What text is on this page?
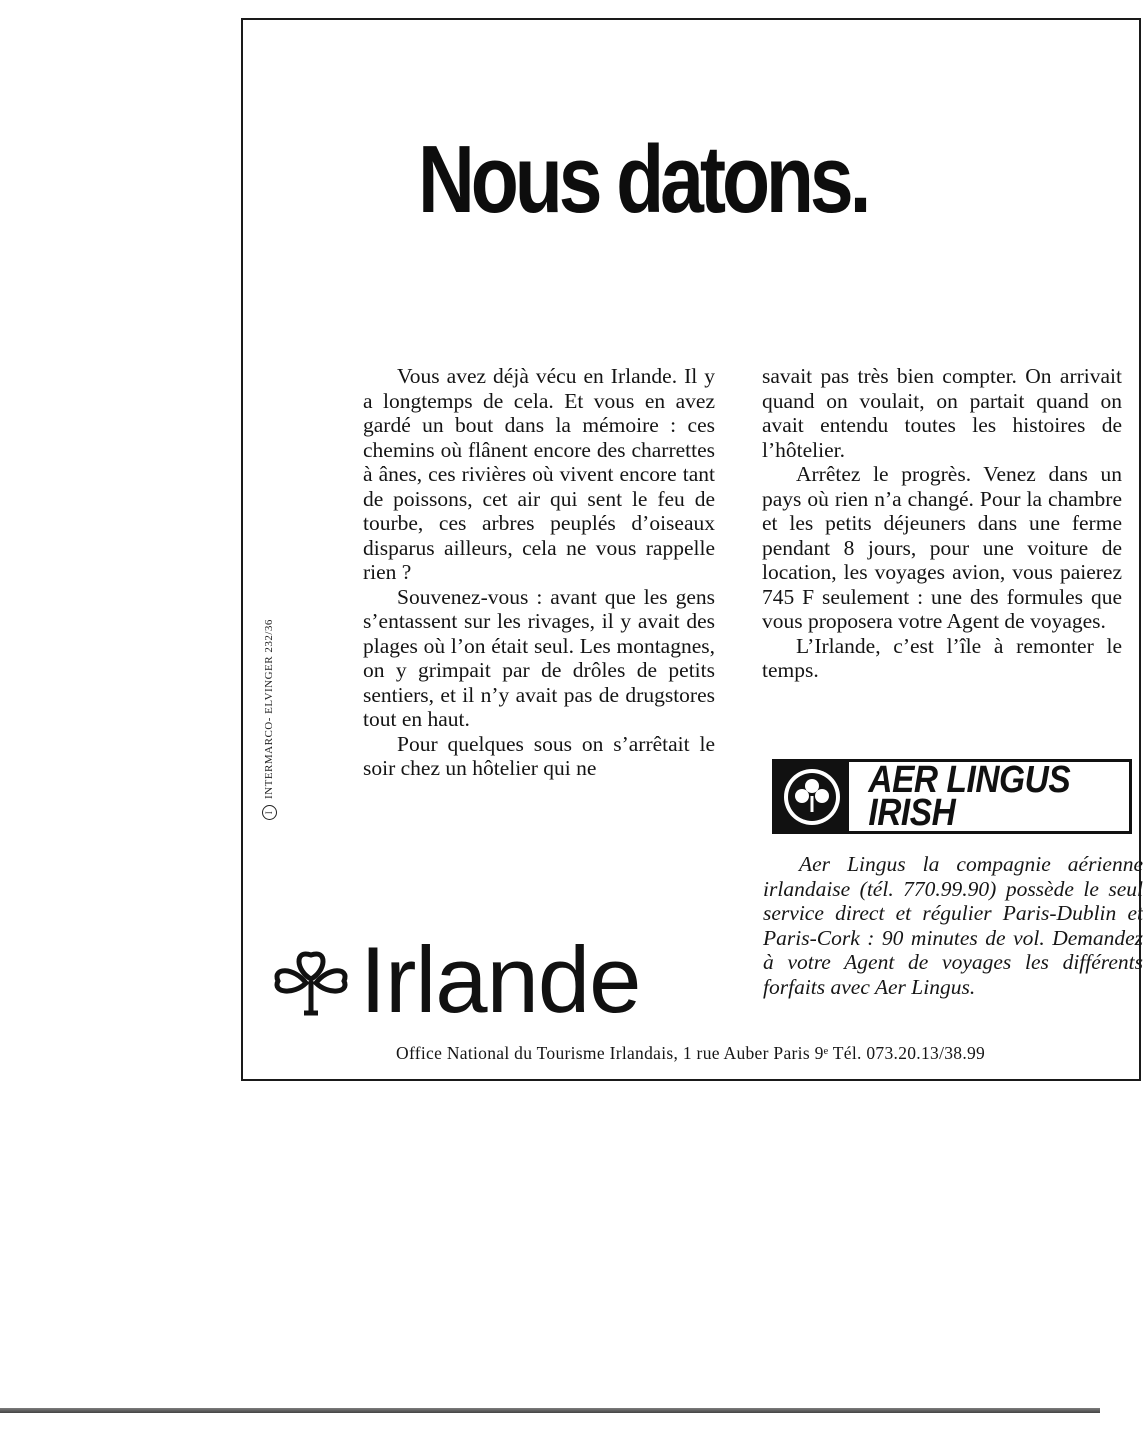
Nous datons.

Vous avez déjà vécu en Irlande. Il y a longtemps de cela. Et vous en avez gardé un bout dans la mémoire : ces chemins où flânent encore des charrettes à ânes, ces rivières où vivent encore tant de poissons, cet air qui sent le feu de tourbe, ces arbres peuplés d’oiseaux disparus ailleurs, cela ne vous rappelle rien ?

Souvenez-vous : avant que les gens s’entassent sur les rivages, il y avait des plages où l’on était seul. Les montagnes, on y grimpait par de drôles de petits sentiers, et il n’y avait pas de drugstores tout en haut.

Pour quelques sous on s’arrêtait le soir chez un hôtelier qui ne

savait pas très bien compter. On arrivait quand on voulait, on partait quand on avait entendu toutes les histoires de l’hôtelier.

Arrêtez le progrès. Venez dans un pays où rien n’a changé. Pour la chambre et les petits déjeuners dans une ferme pendant 8 jours, pour une voiture de location, les voyages avion, vous paierez 745 F seulement : une des formules que vous proposera votre Agent de voyages.

L’Irlande, c’est l’île à remonter le temps.

IINTERMARCO- ELVINGER 232/36	AER LINGUS
IRISH

Aer Lingus la compagnie aérienne irlandaise (tél. 770.99.90) possède le seul service direct et régulier Paris-Dublin et Paris-Cork : 90 minutes de vol. Demandez à votre Agent de voyages les différents forfaits avec Aer Lingus.

Irlande
Office National du Tourisme Irlandais, 1 rue Auber Paris 9ᵉ Tél. 073.20.13/38.99
